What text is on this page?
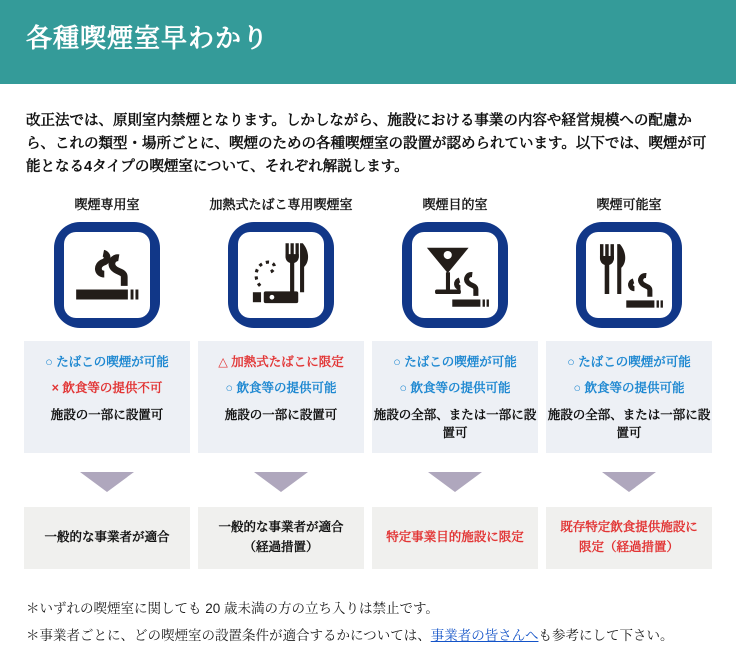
各種喫煙室早わかり

改正法では、原則室内禁煙となります。しかしながら、施設における事業の内容や経営規模への配慮から、これの類型・場所ごとに、喫煙のための各種喫煙室の設置が認められています。以下では、喫煙が可能となる4タイプの喫煙室について、それぞれ解説します。

喫煙専用室

○ たばこの喫煙が可能

× 飲食等の提供不可

施設の一部に設置可

一般的な事業者が適合

加熱式たばこ専用喫煙室

△ 加熱式たばこに限定

○ 飲食等の提供可能

施設の一部に設置可

一般的な事業者が適合

（経過措置）

喫煙目的室

○ たばこの喫煙が可能

○ 飲食等の提供可能

施設の全部、または一部に設置可

特定事業目的施設に限定

喫煙可能室

○ たばこの喫煙が可能

○ 飲食等の提供可能

施設の全部、または一部に設置可

既存特定飲食提供施設に

限定（経過措置）

＊いずれの喫煙室に関しても 20 歳未満の方の立ち入りは禁止です。

＊事業者ごとに、どの喫煙室の設置条件が適合するかについては、事業者の皆さんへも参考にして下さい。
